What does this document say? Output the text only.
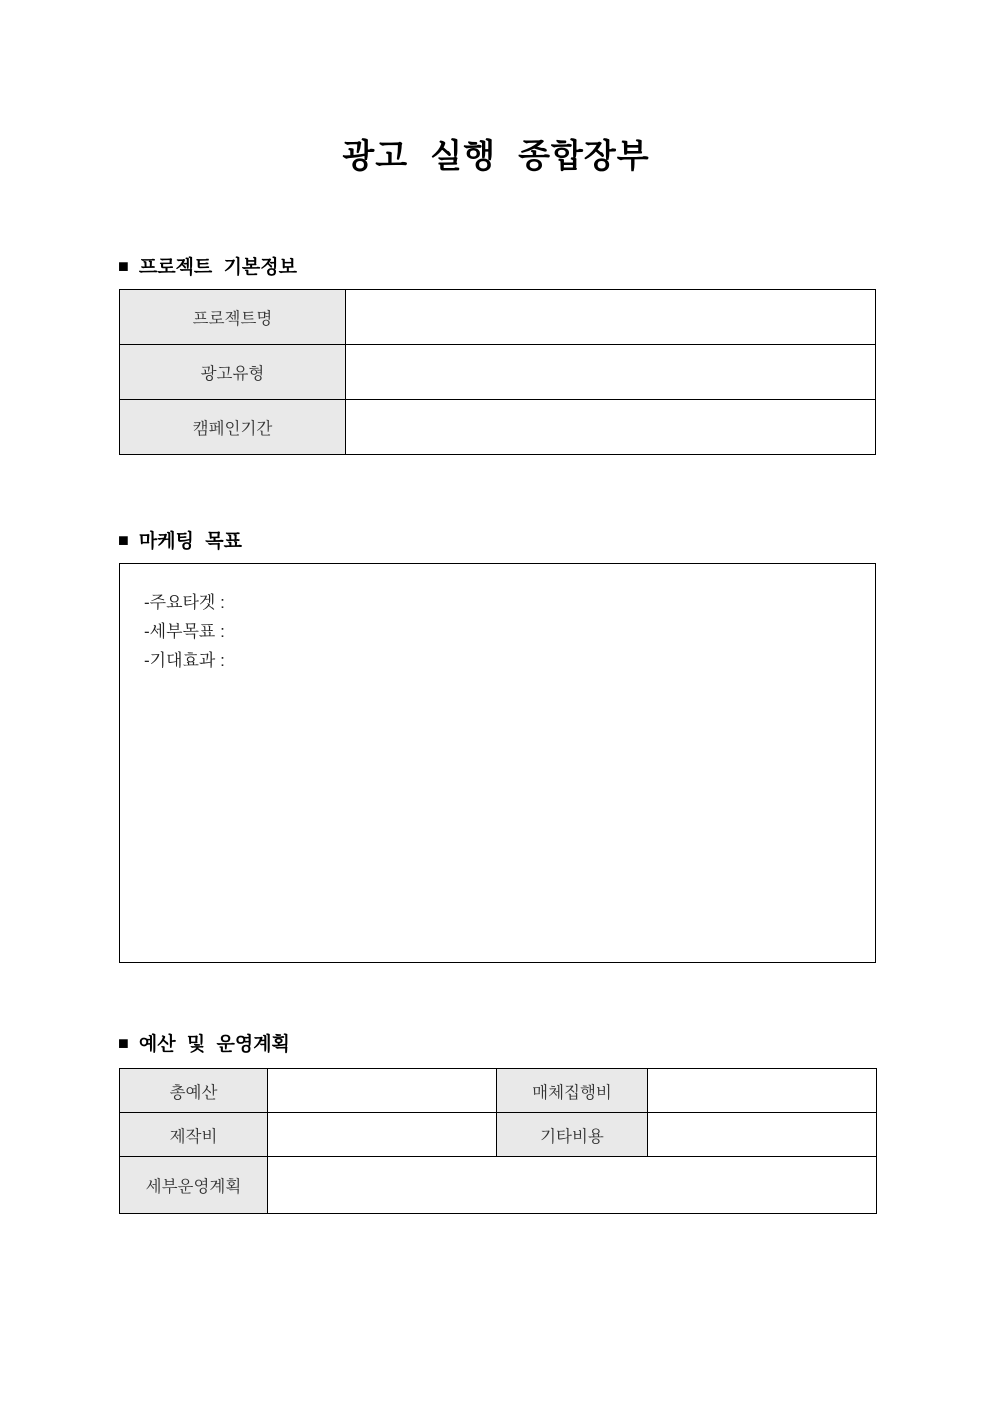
광고 실행 종합장부
■ 프로젝트 기본정보
프로젝트명	
광고유형	
캠페인기간	
■ 마케팅 목표
-주요타겟 :
-세부목표 :
-기대효과 :
■ 예산 및 운영계획
총예산		매체집행비	
제작비		기타비용	
세부운영계획			
